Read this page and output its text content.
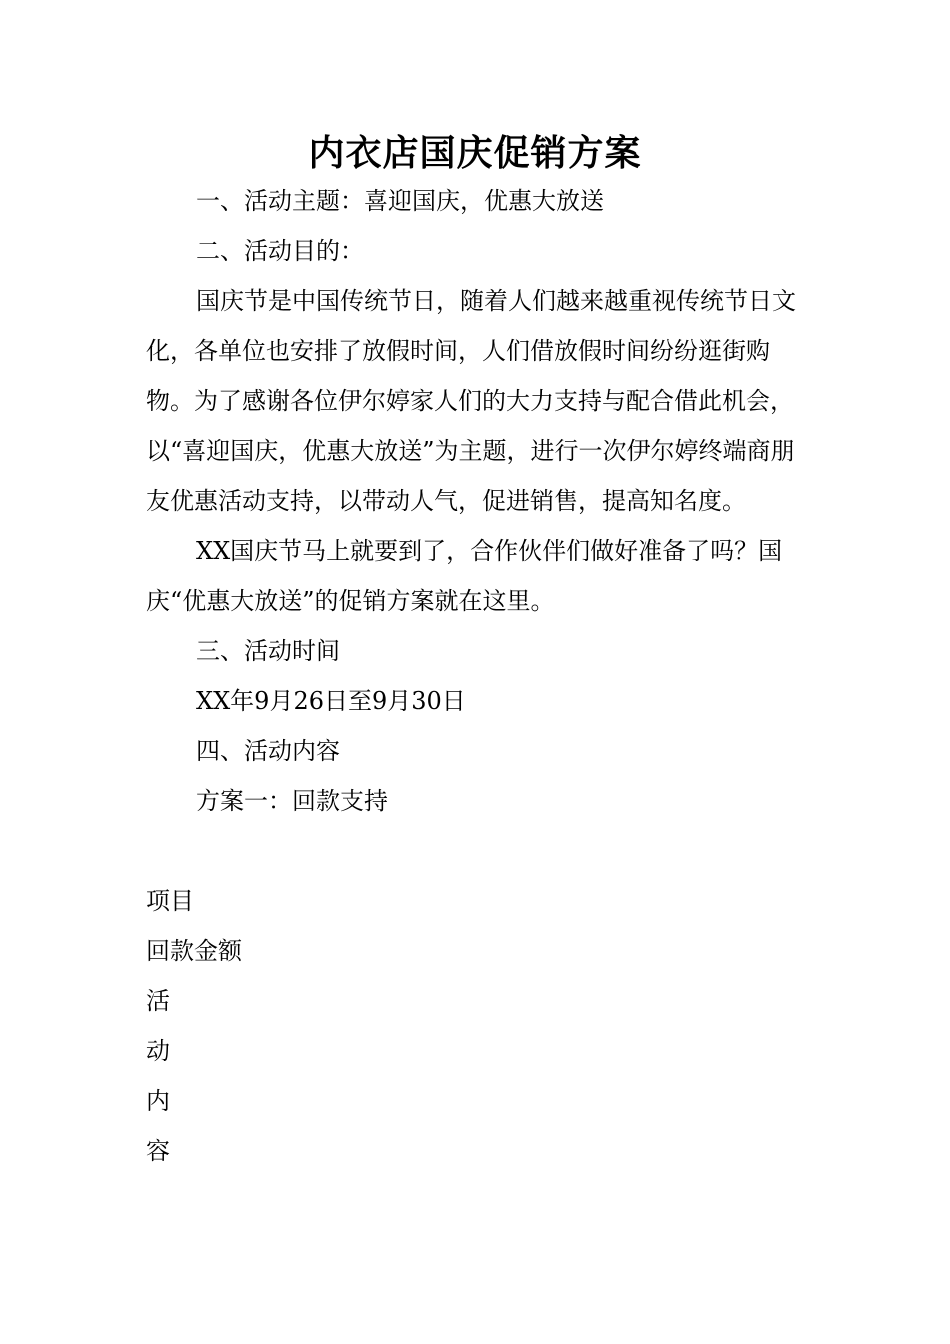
内衣店国庆促销方案

一、活动主题：喜迎国庆，优惠大放送

二、活动目的：

国庆节是中国传统节日，随着人们越来越重视传统节日文化，各单位也安排了放假时间，人们借放假时间纷纷逛街购物。为了感谢各位伊尔婷家人们的大力支持与配合借此机会，以“喜迎国庆，优惠大放送”为主题，进行一次伊尔婷终端商朋友优惠活动支持，以带动人气，促进销售，提高知名度。

XX国庆节马上就要到了，合作伙伴们做好准备了吗？国庆“优惠大放送”的促销方案就在这里。

三、活动时间

XX年9月26日至9月30日

四、活动内容

方案一：回款支持

项目

回款金额

活

动

内

容
